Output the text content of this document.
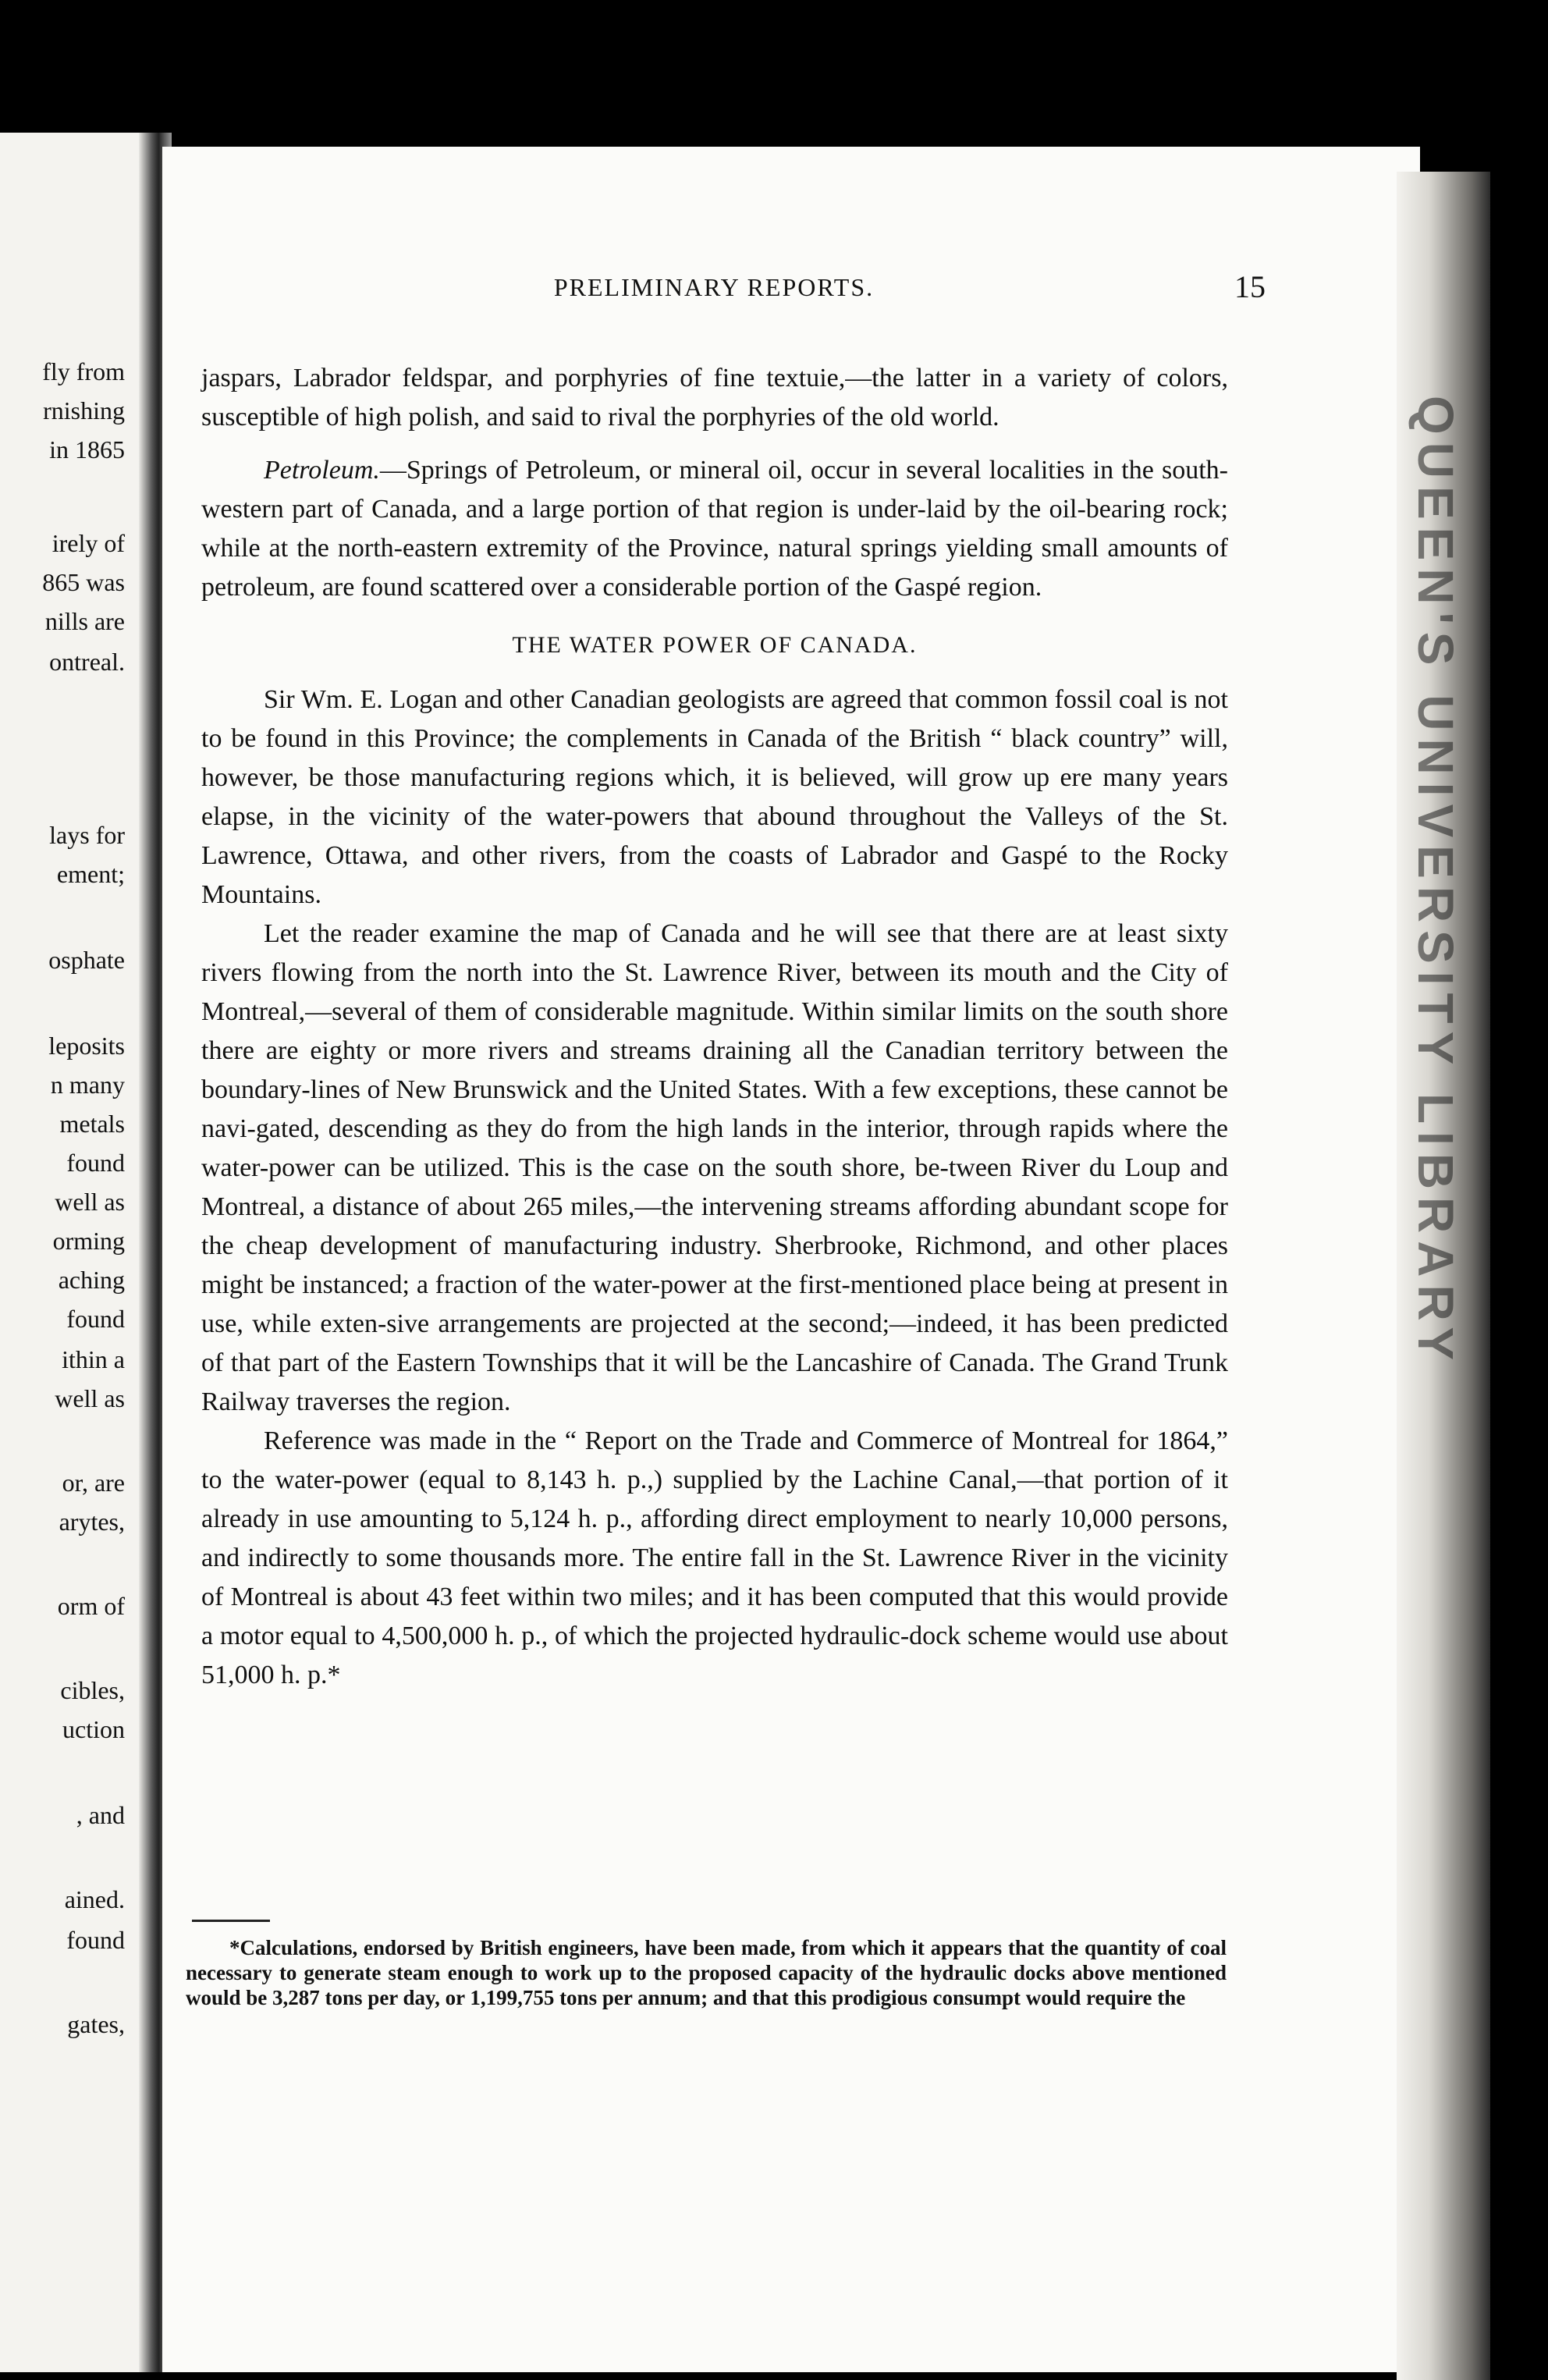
fly from
rnishing
in 1865
irely of
865 was
nills are
ontreal.
lays for
ement;
osphate
leposits
n many
metals
found
well as
orming
aching
found
ithin a
well as
or, are
arytes,
orm of
cibles,
uction
, and
ained.
found
gates,
QUEEN'S UNIVERSITY LIBRARY
PRELIMINARY REPORTS.	15

jaspars, Labrador feldspar, and porphyries of fine textuie,—the latter in a variety of colors, susceptible of high polish, and said to rival the porphyries of the old world.

Petroleum.—Springs of Petroleum, or mineral oil, occur in several localities in the south-western part of Canada, and a large portion of that region is under-laid by the oil-bearing rock; while at the north-eastern extremity of the Province, natural springs yielding small amounts of petroleum, are found scattered over a considerable portion of the Gaspé region.

THE WATER POWER OF CANADA.

Sir Wm. E. Logan and other Canadian geologists are agreed that common fossil coal is not to be found in this Province; the complements in Canada of the British “ black country” will, however, be those manufacturing regions which, it is believed, will grow up ere many years elapse, in the vicinity of the water-powers that abound throughout the Valleys of the St. Lawrence, Ottawa, and other rivers, from the coasts of Labrador and Gaspé to the Rocky Mountains.

Let the reader examine the map of Canada and he will see that there are at least sixty rivers flowing from the north into the St. Lawrence River, between its mouth and the City of Montreal,—several of them of considerable magnitude. Within similar limits on the south shore there are eighty or more rivers and streams draining all the Canadian territory between the boundary-lines of New Brunswick and the United States. With a few exceptions, these cannot be navi-gated, descending as they do from the high lands in the interior, through rapids where the water-power can be utilized. This is the case on the south shore, be-tween River du Loup and Montreal, a distance of about 265 miles,—the intervening streams affording abundant scope for the cheap development of manufacturing industry. Sherbrooke, Richmond, and other places might be instanced; a fraction of the water-power at the first-mentioned place being at present in use, while exten-sive arrangements are projected at the second;—indeed, it has been predicted of that part of the Eastern Townships that it will be the Lancashire of Canada. The Grand Trunk Railway traverses the region.

Reference was made in the “ Report on the Trade and Commerce of Montreal for 1864,” to the water-power (equal to 8,143 h. p.,) supplied by the Lachine Canal,—that portion of it already in use amounting to 5,124 h. p., affording direct employment to nearly 10,000 persons, and indirectly to some thousands more. The entire fall in the St. Lawrence River in the vicinity of Montreal is about 43 feet within two miles; and it has been computed that this would provide a motor equal to 4,500,000 h. p., of which the projected hydraulic-dock scheme would use about 51,000 h. p.*

*Calculations, endorsed by British engineers, have been made, from which it appears that the quantity of coal necessary to generate steam enough to work up to the proposed capacity of the hydraulic docks above mentioned would be 3,287 tons per day, or 1,199,755 tons per annum; and that this prodigious consumpt would require the
